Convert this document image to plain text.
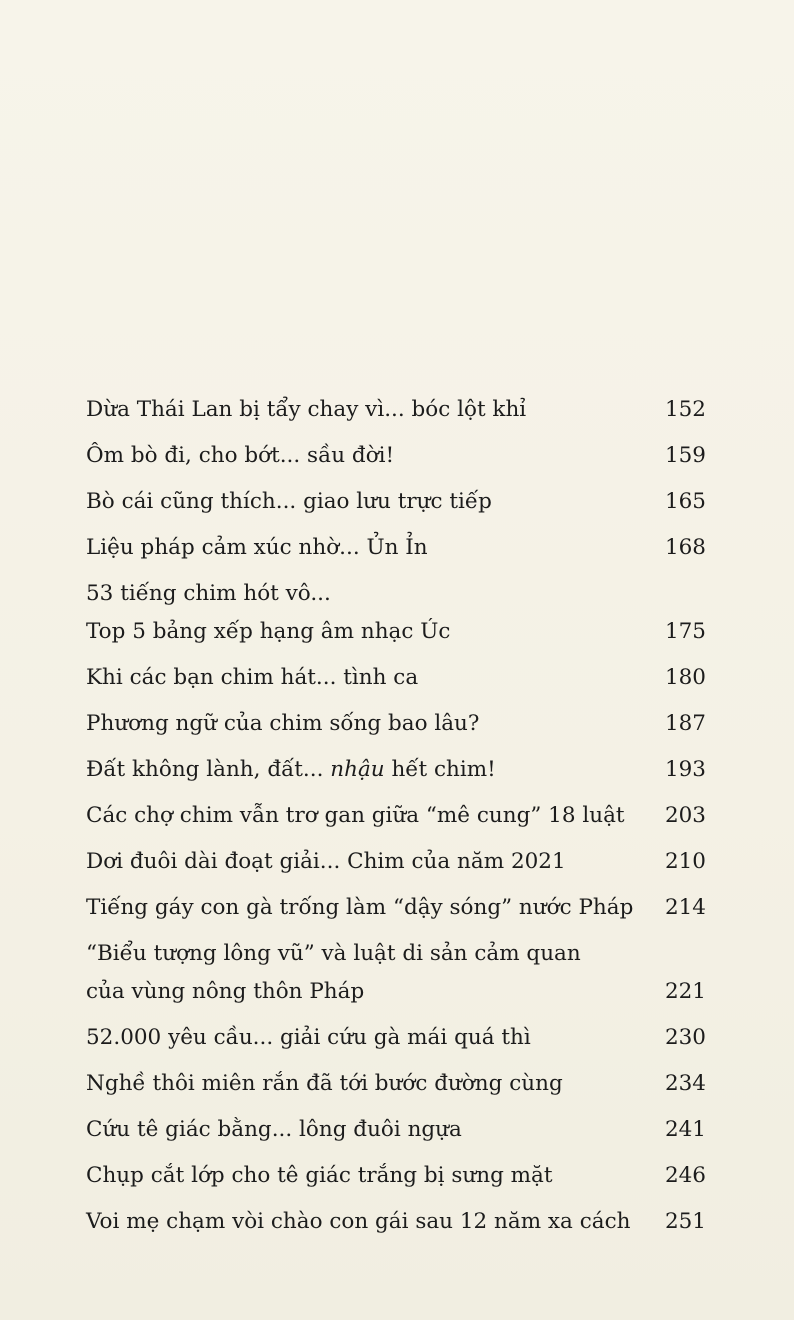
Dừa Thái Lan bị tẩy chay vì... bóc lột khỉ	152
Ôm bò đi, cho bớt... sầu đời!	159
Bò cái cũng thích... giao lưu trực tiếp	165
Liệu pháp cảm xúc nhờ... Ủn Ỉn	168
53 tiếng chim hót vô...
Top 5 bảng xếp hạng âm nhạc Úc	175
Khi các bạn chim hát... tình ca	180
Phương ngữ của chim sống bao lâu?	187
Đất không lành, đất... nhậu hết chim!	193
Các chợ chim vẫn trơ gan giữa “mê cung” 18 luật 203
Dơi đuôi dài đoạt giải... Chim của năm 2021	210
Tiếng gáy con gà trống làm “dậy sóng” nước Pháp 214
“Biểu tượng lông vũ” và luật di sản cảm quan
của vùng nông thôn Pháp	221
52.000 yêu cầu... giải cứu gà mái quá thì	230
Nghề thôi miên rắn đã tới bước đường cùng	234
Cứu tê giác bằng... lông đuôi ngựa	241
Chụp cắt lớp cho tê giác trắng bị sưng mặt	246
Voi mẹ chạm vòi chào con gái sau 12 năm xa cách 251
